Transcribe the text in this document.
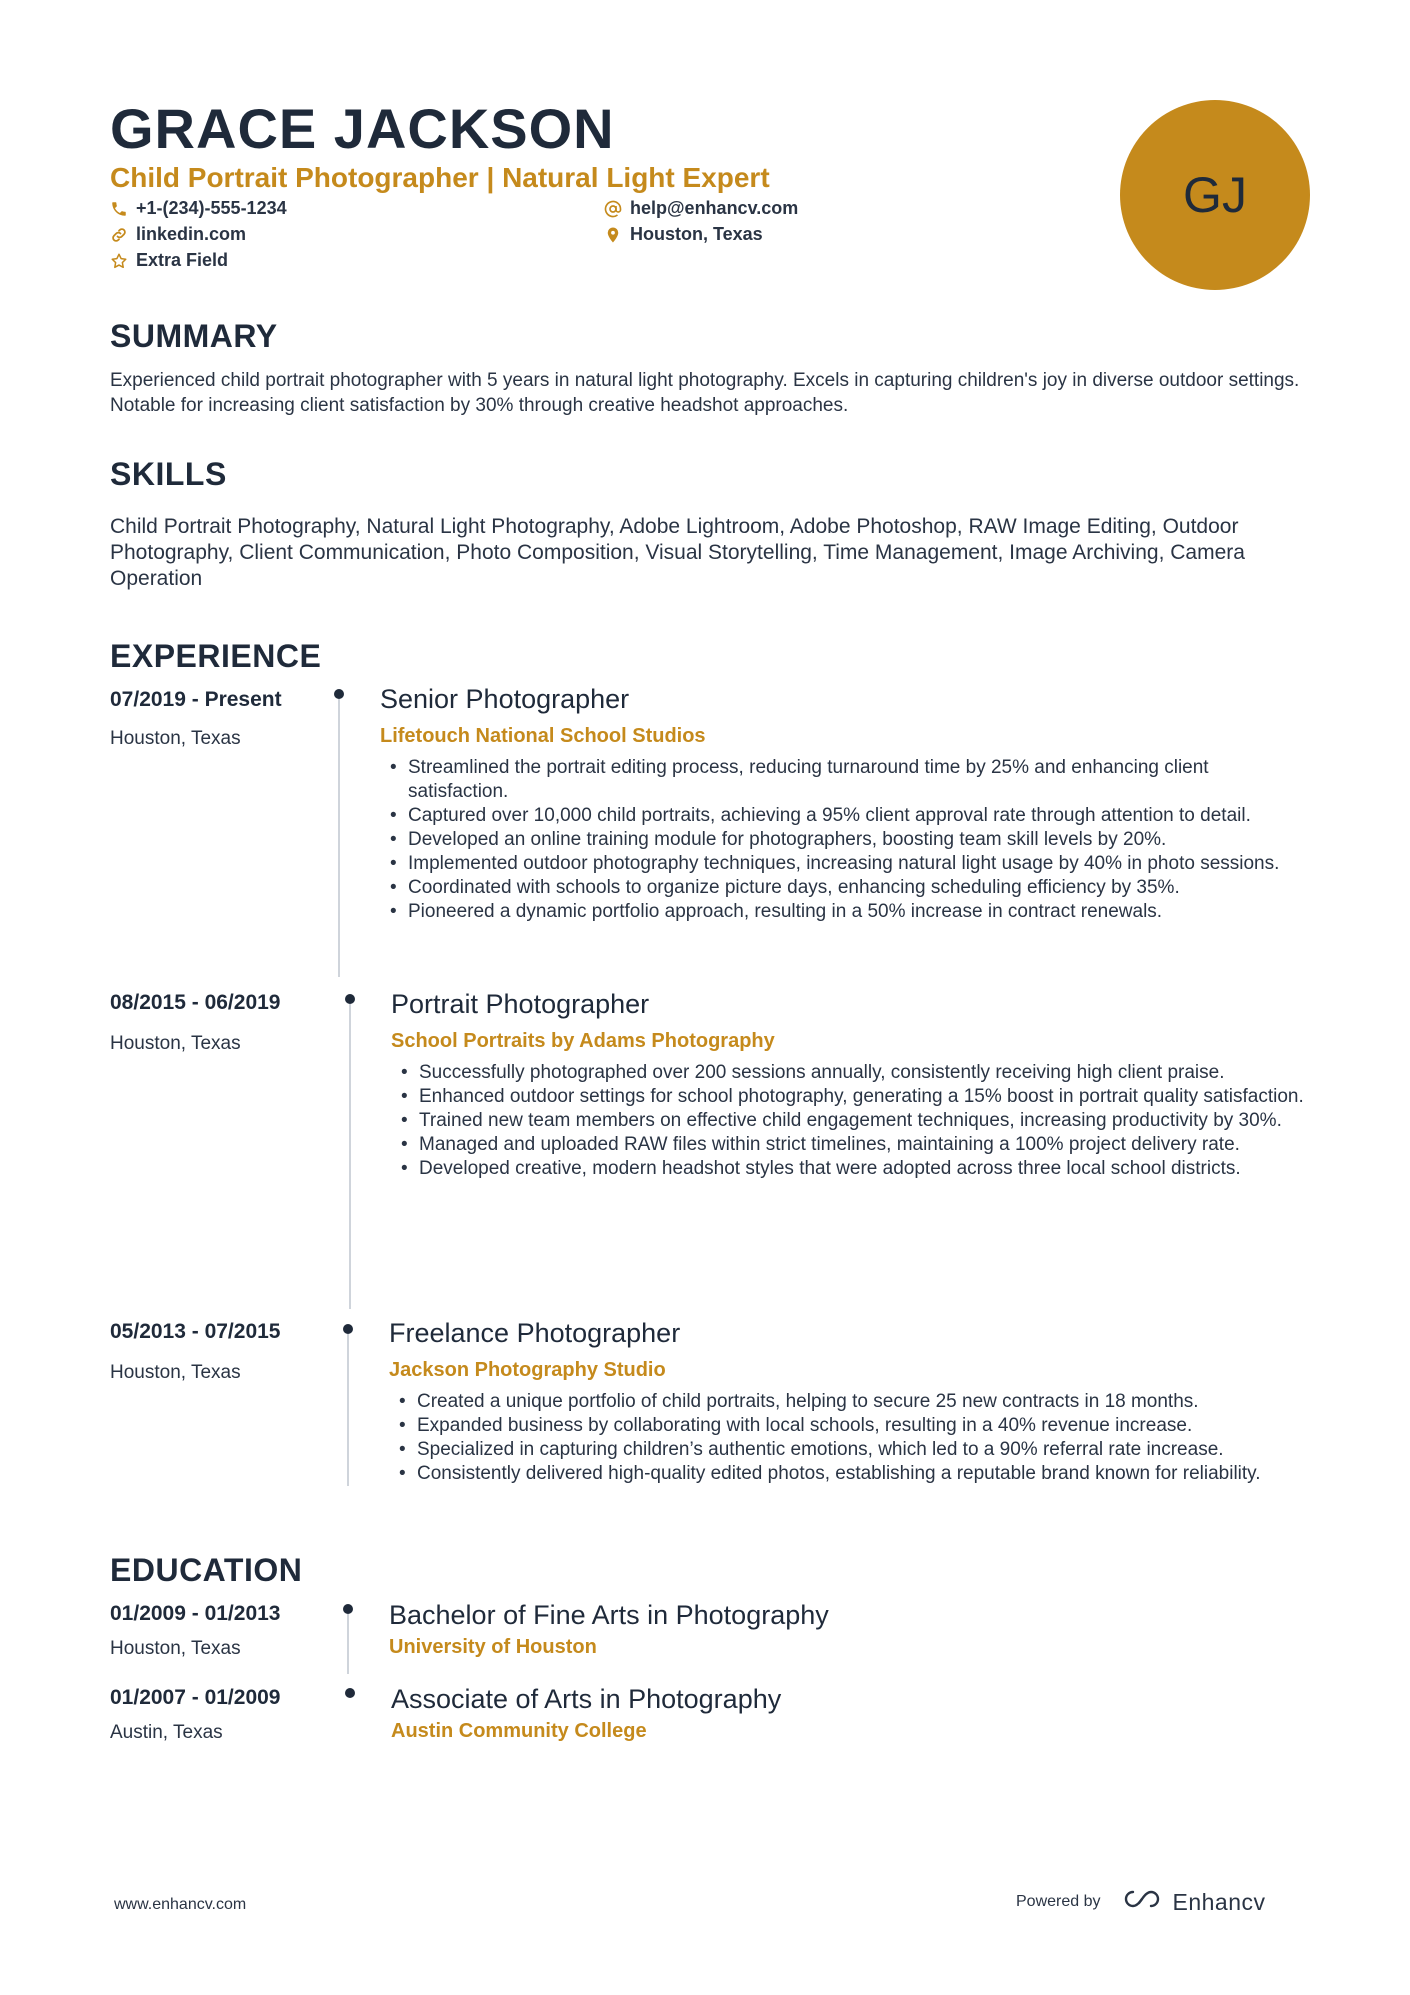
GRACE JACKSON
Child Portrait Photographer | Natural Light Expert
+1-(234)-555-1234	help@enhancv.com
linkedin.com	Houston, Texas
Extra Field
GJ
SUMMARY
Experienced child portrait photographer with 5 years in natural light photography. Excels in capturing children's joy in diverse outdoor settings. Notable for increasing client satisfaction by 30% through creative headshot approaches.
SKILLS
Child Portrait Photography, Natural Light Photography, Adobe Lightroom, Adobe Photoshop, RAW Image Editing, Outdoor Photography, Client Communication, Photo Composition, Visual Storytelling, Time Management, Image Archiving, Camera Operation
EXPERIENCE
07/2019 - Present
Houston, Texas
Senior Photographer
Lifetouch National School Studios
• Streamlined the portrait editing process, reducing turnaround time by 25% and enhancing client satisfaction.
• Captured over 10,000 child portraits, achieving a 95% client approval rate through attention to detail.
• Developed an online training module for photographers, boosting team skill levels by 20%.
• Implemented outdoor photography techniques, increasing natural light usage by 40% in photo sessions.
• Coordinated with schools to organize picture days, enhancing scheduling efficiency by 35%.
• Pioneered a dynamic portfolio approach, resulting in a 50% increase in contract renewals.
08/2015 - 06/2019
Houston, Texas
Portrait Photographer
School Portraits by Adams Photography
• Successfully photographed over 200 sessions annually, consistently receiving high client praise.
• Enhanced outdoor settings for school photography, generating a 15% boost in portrait quality satisfaction.
• Trained new team members on effective child engagement techniques, increasing productivity by 30%.
• Managed and uploaded RAW files within strict timelines, maintaining a 100% project delivery rate.
• Developed creative, modern headshot styles that were adopted across three local school districts.
05/2013 - 07/2015
Houston, Texas
Freelance Photographer
Jackson Photography Studio
• Created a unique portfolio of child portraits, helping to secure 25 new contracts in 18 months.
• Expanded business by collaborating with local schools, resulting in a 40% revenue increase.
• Specialized in capturing children’s authentic emotions, which led to a 90% referral rate increase.
• Consistently delivered high-quality edited photos, establishing a reputable brand known for reliability.
EDUCATION
01/2009 - 01/2013
Houston, Texas
Bachelor of Fine Arts in Photography
University of Houston
01/2007 - 01/2009
Austin, Texas
Associate of Arts in Photography
Austin Community College
www.enhancv.com	Powered by	Enhancv
